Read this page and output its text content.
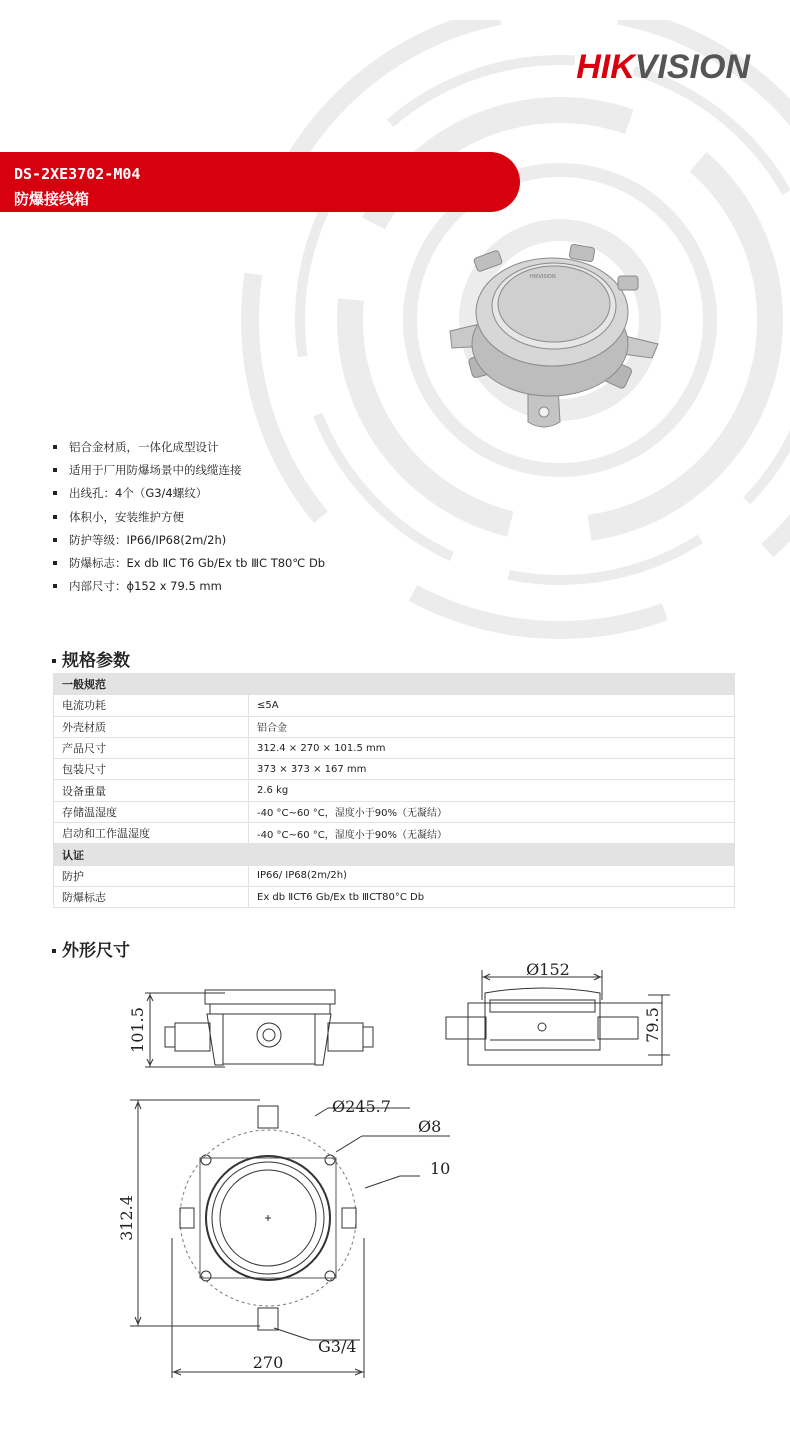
HIKVISION
DS-2XE3702-M04
防爆接线箱
HIKVISION
铝合金材质，一体化成型设计
适用于厂用防爆场景中的线缆连接
出线孔：4个（G3/4螺纹）
体积小，安装维护方便
防护等级：IP66/IP68(2m/2h)
防爆标志：Ex db ⅡC T6 Gb/Ex tb ⅢC T80℃ Db
内部尺寸：ϕ152 x 79.5 mm
规格参数
一般规范	
电流功耗	≤5A
外壳材质	铝合金
产品尺寸	312.4 × 270 × 101.5 mm
包装尺寸	373 × 373 × 167 mm
设备重量	2.6 kg
存储温湿度	-40 °C~60 °C，湿度小于90%（无凝结）
启动和工作温湿度	-40 °C~60 °C，湿度小于90%（无凝结）
认证	
防护	IP66/ IP68(2m/2h)
防爆标志	Ex db ⅡCT6 Gb/Ex tb ⅢCT80°C Db
外形尺寸
101.5
Ø152
79.5
Ø245.7
Ø8
10
312.4
270
G3/4
